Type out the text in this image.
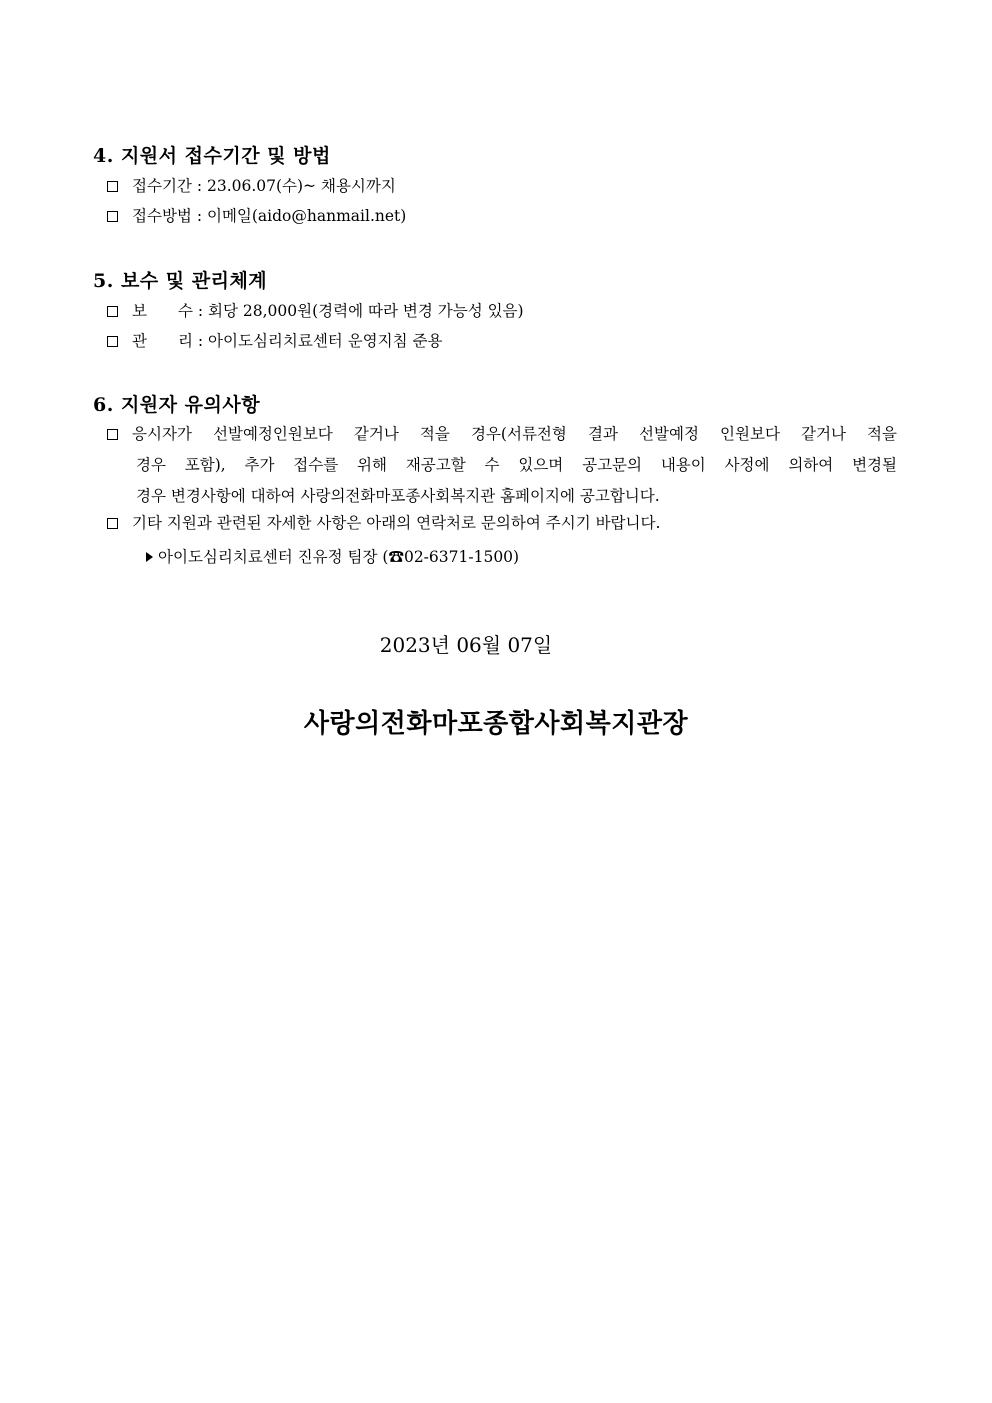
4. 지원서 접수기간 및 방법
접수기간 : 23.06.07(수)~ 채용시까지
접수방법 : 이메일(aido@hanmail.net)
5. 보수 및 관리체계
보　　수 : 회당 28,000원(경력에 따라 변경 가능성 있음)
관　　리 : 아이도심리치료센터 운영지침 준용
6. 지원자 유의사항
응시자가 선발예정인원보다 같거나 적을 경우(서류전형 결과 선발예정 인원보다 같거나 적을
경우 포함), 추가 접수를 위해 재공고할 수 있으며 공고문의 내용이 사정에 의하여 변경될
경우 변경사항에 대하여 사랑의전화마포종사회복지관 홈페이지에 공고합니다.
기타 지원과 관련된 자세한 사항은 아래의 연락처로 문의하여 주시기 바랍니다.
아이도심리치료센터 진유정 팀장 (☎02-6371-1500)
2023년 06월 07일
사랑의전화마포종합사회복지관장
